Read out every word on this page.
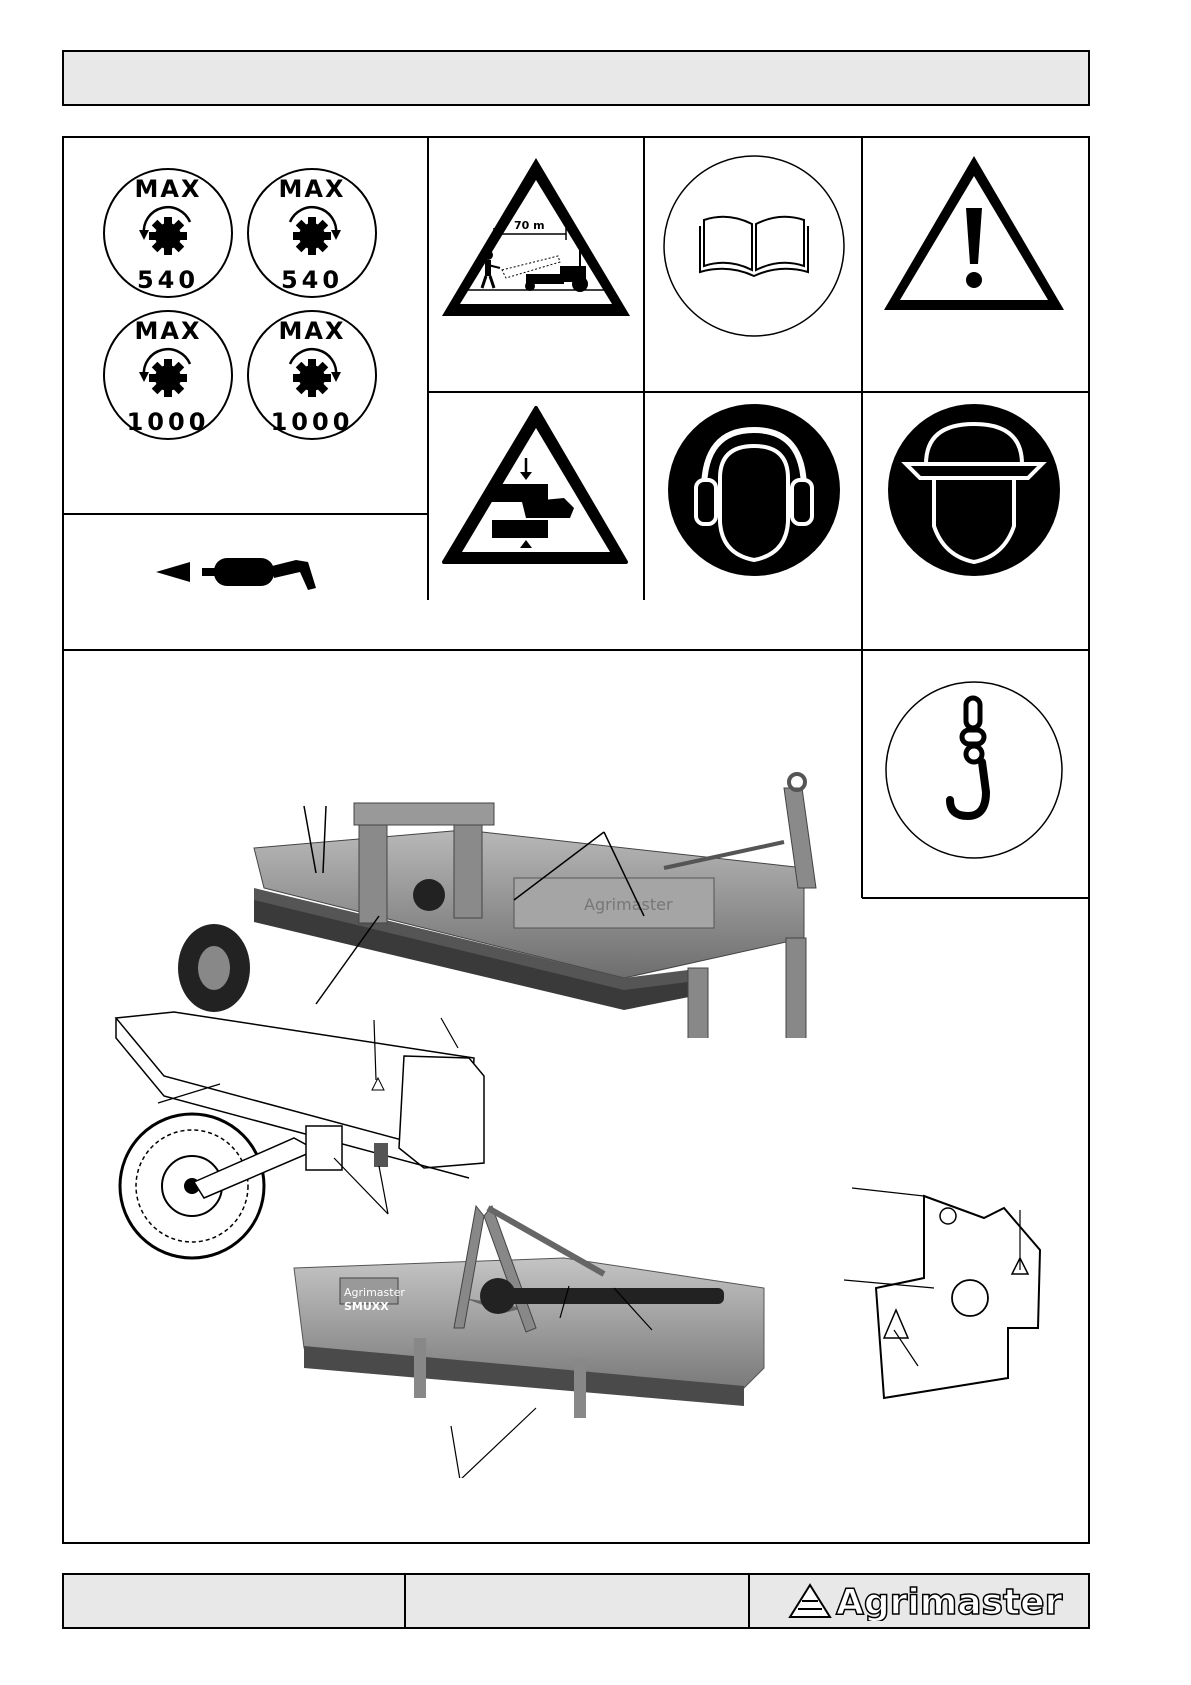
MAX
540
MAX
540
MAX
1000
MAX
1000
70 m
Agrimaster
Agrimaster
SMUXX
Agrimaster
